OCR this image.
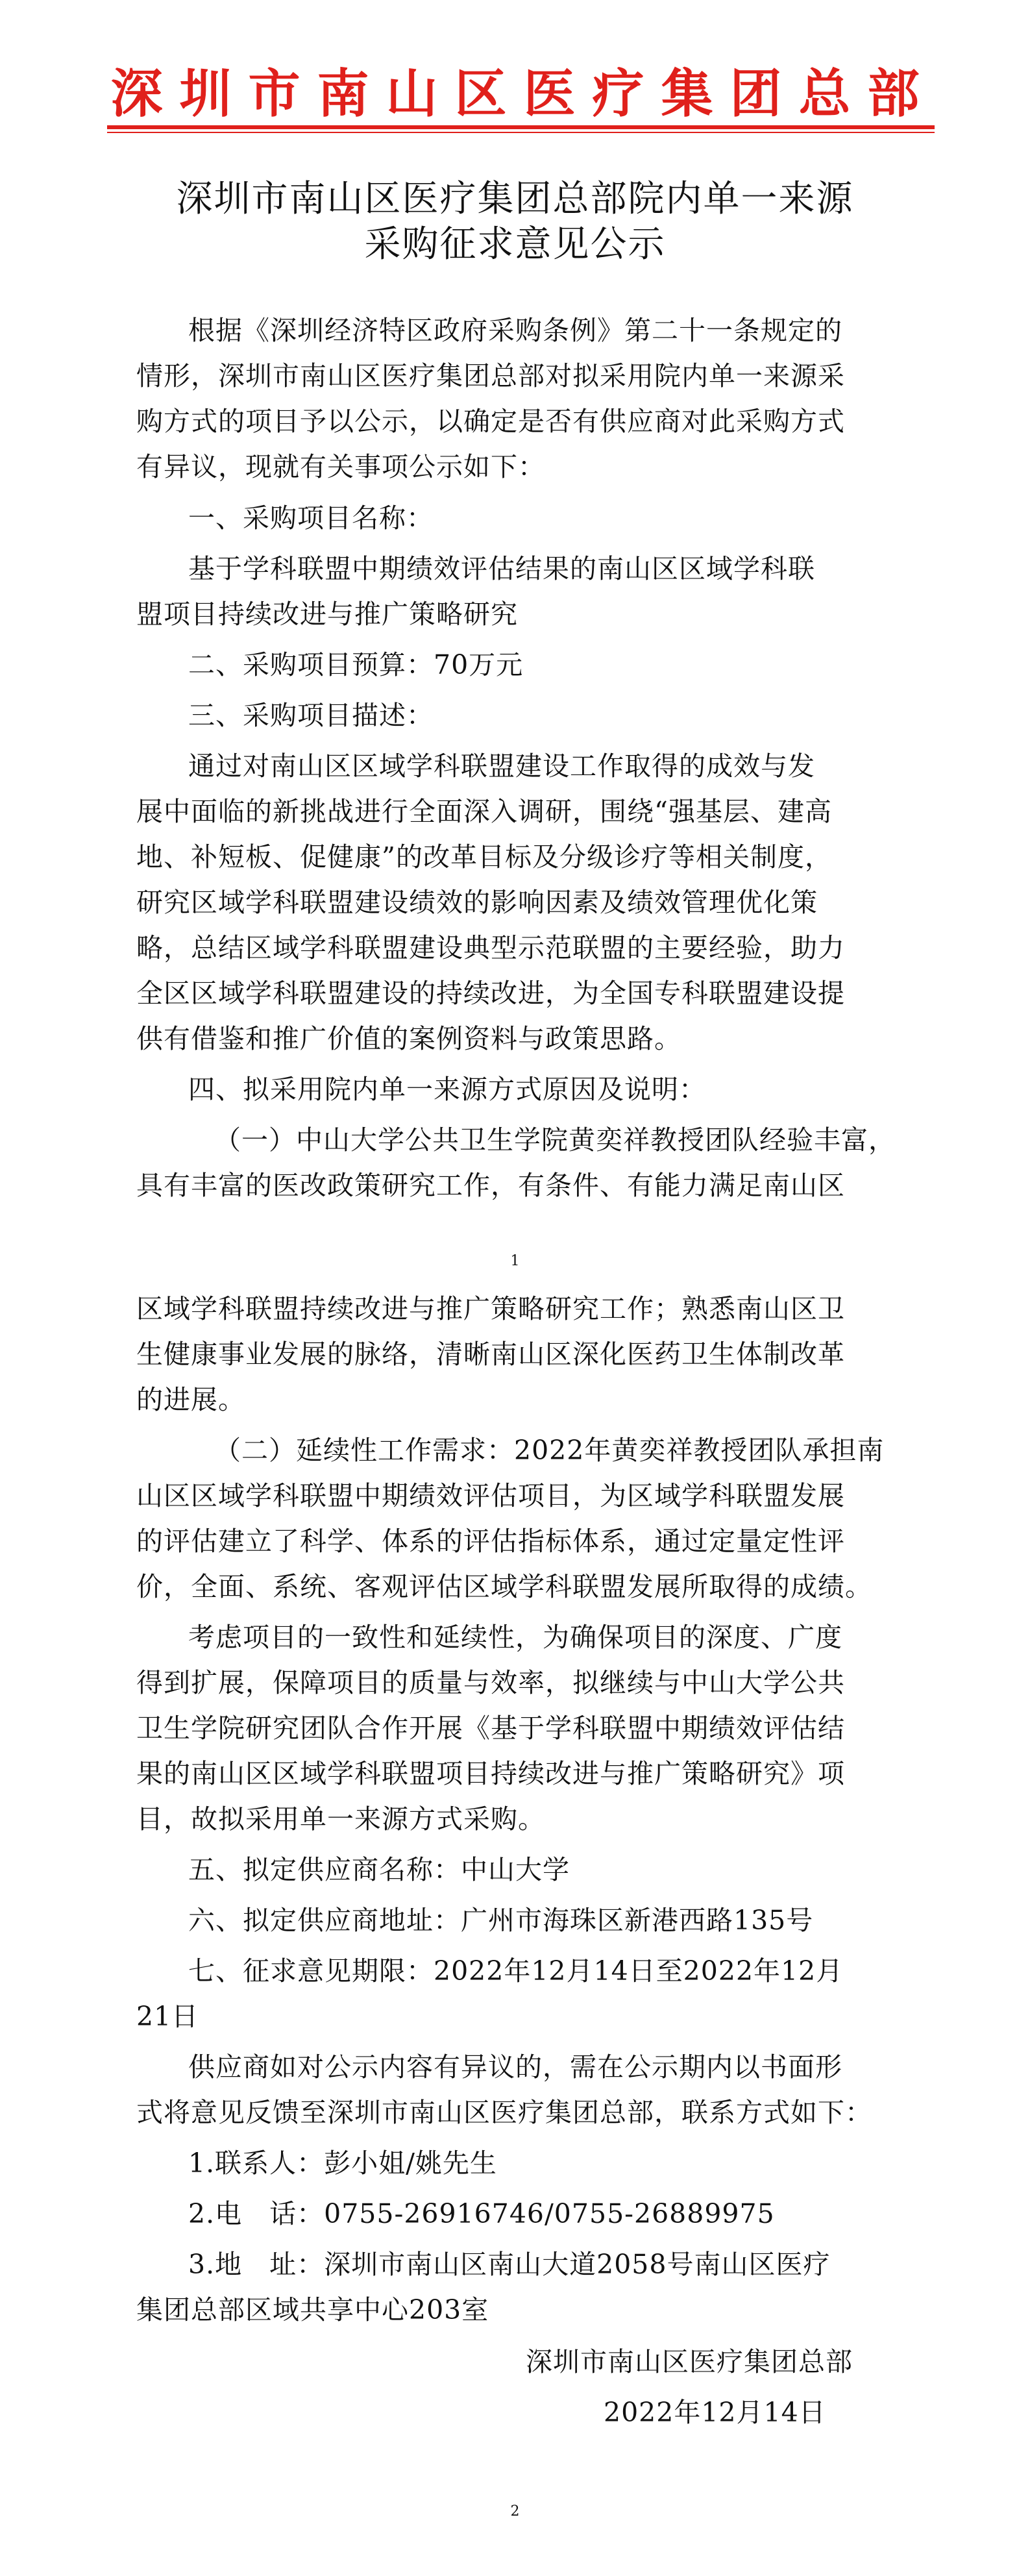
深圳市南山区医疗集团总部
深圳市南山区医疗集团总部院内单一来源
采购征求意见公示
根据《深圳经济特区政府采购条例》第二十一条规定的
情形，深圳市南山区医疗集团总部对拟采用院内单一来源采
购方式的项目予以公示，以确定是否有供应商对此采购方式
有异议，现就有关事项公示如下：
一、采购项目名称：
基于学科联盟中期绩效评估结果的南山区区域学科联
盟项目持续改进与推广策略研究
二、采购项目预算：70万元
三、采购项目描述：
通过对南山区区域学科联盟建设工作取得的成效与发
展中面临的新挑战进行全面深入调研，围绕“强基层、建高
地、补短板、促健康”的改革目标及分级诊疗等相关制度，
研究区域学科联盟建设绩效的影响因素及绩效管理优化策
略，总结区域学科联盟建设典型示范联盟的主要经验，助力
全区区域学科联盟建设的持续改进，为全国专科联盟建设提
供有借鉴和推广价值的案例资料与政策思路。
四、拟采用院内单一来源方式原因及说明：
（一）中山大学公共卫生学院黄奕祥教授团队经验丰富，
具有丰富的医改政策研究工作，有条件、有能力满足南山区
1
区域学科联盟持续改进与推广策略研究工作；熟悉南山区卫
生健康事业发展的脉络，清晰南山区深化医药卫生体制改革
的进展。
（二）延续性工作需求：2022年黄奕祥教授团队承担南
山区区域学科联盟中期绩效评估项目，为区域学科联盟发展
的评估建立了科学、体系的评估指标体系，通过定量定性评
价，全面、系统、客观评估区域学科联盟发展所取得的成绩。
考虑项目的一致性和延续性，为确保项目的深度、广度
得到扩展，保障项目的质量与效率，拟继续与中山大学公共
卫生学院研究团队合作开展《基于学科联盟中期绩效评估结
果的南山区区域学科联盟项目持续改进与推广策略研究》项
目，故拟采用单一来源方式采购。
五、拟定供应商名称：中山大学
六、拟定供应商地址：广州市海珠区新港西路135号
七、征求意见期限：2022年12月14日至2022年12月
21日
供应商如对公示内容有异议的，需在公示期内以书面形
式将意见反馈至深圳市南山区医疗集团总部，联系方式如下：
1.联系人：彭小姐/姚先生
2.电　话：0755-26916746/0755-26889975
3.地　址：深圳市南山区南山大道2058号南山区医疗
集团总部区域共享中心203室
深圳市南山区医疗集团总部
2022年12月14日
2
